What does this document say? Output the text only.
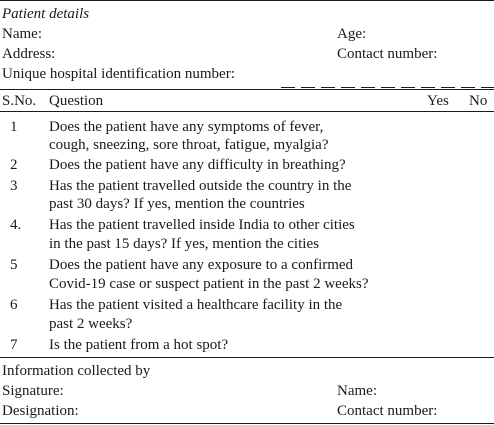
Patient details
Name:	Age:
Address:	Contact number:
Unique hospital identification number:
S.No. Question	Yes No
1 Does the patient have any symptoms of fever,
cough, sneezing, sore throat, fatigue, myalgia?
2 Does the patient have any difficulty in breathing?
3 Has the patient travelled outside the country in the
past 30 days? If yes, mention the countries
4. Has the patient travelled inside India to other cities
in the past 15 days? If yes, mention the cities
5 Does the patient have any exposure to a confirmed
Covid-19 case or suspect patient in the past 2 weeks?
6 Has the patient visited a healthcare facility in the
past 2 weeks?
7 Is the patient from a hot spot?
Information collected by
Signature:	Name:
Designation:	Contact number:
